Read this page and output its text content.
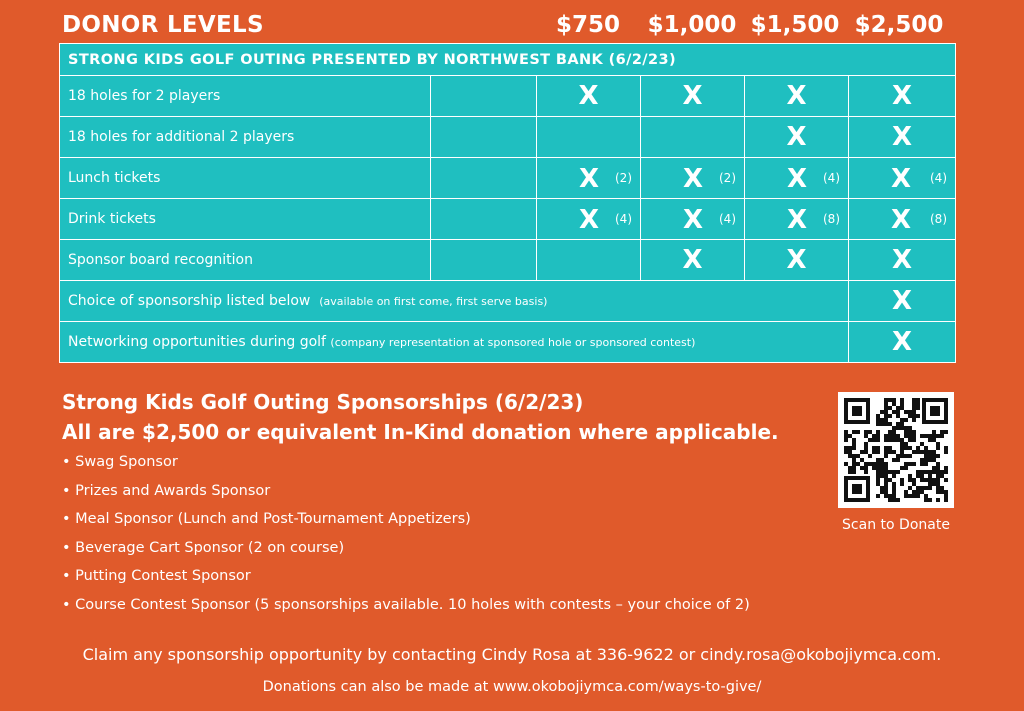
DONOR LEVELS	$750	$1,000 $1,500 $2,500
STRONG KIDS GOLF OUTING PRESENTED BY NORTHWEST BANK (6/2/23)					
18 holes for 2 players		X	X	X	X
18 holes for additional 2 players				X	X
Lunch tickets		X (2)	X (2)	X (4)	X (4)

Drink tickets		X (4)	X (4)	X (8)	X (8)

Sponsor board recognition			X	X	X
Choice of sponsorship listed below (available on first come, first serve basis)					X
Networking opportunities during golf (company representation at sponsored hole or sponsored contest)					X
Strong Kids Golf Outing Sponsorships (6/2/23)
All are $2,500 or equivalent In-Kind donation where applicable.
• Swag Sponsor
• Prizes and Awards Sponsor
• Meal Sponsor (Lunch and Post-Tournament Appetizers)
• Beverage Cart Sponsor (2 on course)
• Putting Contest Sponsor
• Course Contest Sponsor (5 sponsorships available. 10 holes with contests – your choice of 2)
Scan to Donate
Claim any sponsorship opportunity by contacting Cindy Rosa at 336-9622 or cindy.rosa@okobojiymca.com.
Donations can also be made at www.okobojiymca.com/ways-to-give/
